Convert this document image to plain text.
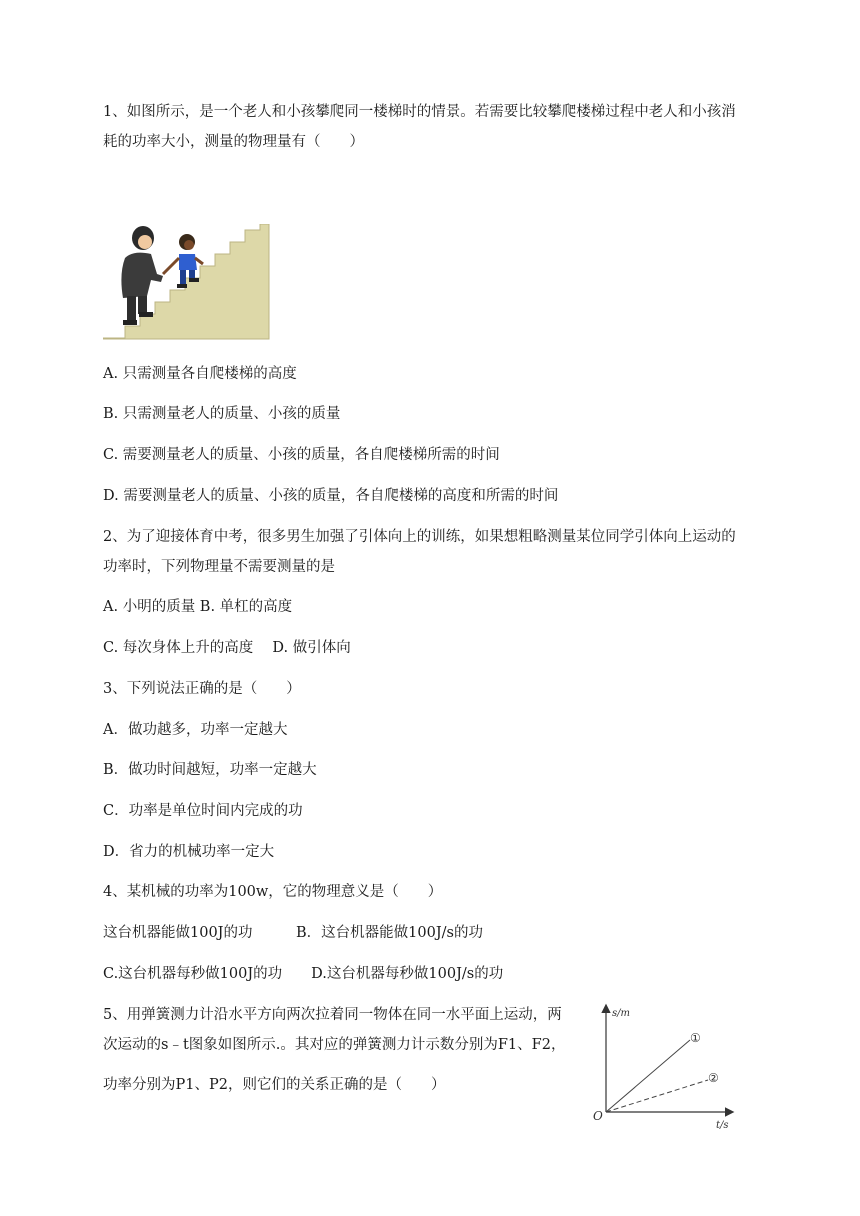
1、如图所示，是一个老人和小孩攀爬同一楼梯时的情景。若需要比较攀爬楼梯过程中老人和小孩消
耗的功率大小，测量的物理量有（　　）
A. 只需测量各自爬楼梯的高度
B. 只需测量老人的质量、小孩的质量
C. 需要测量老人的质量、小孩的质量，各自爬楼梯所需的时间
D. 需要测量老人的质量、小孩的质量，各自爬楼梯的高度和所需的时间
2、为了迎接体育中考，很多男生加强了引体向上的训练，如果想粗略测量某位同学引体向上运动的
功率时，下列物理量不需要测量的是
A. 小明的质量 B. 单杠的高度
C. 每次身体上升的高度　 D. 做引体向
3、下列说法正确的是（　　）
A．做功越多，功率一定越大
B．做功时间越短，功率一定越大
C．功率是单位时间内完成的功
D．省力的机械功率一定大
4、某机械的功率为100w，它的物理意义是（　　）
这台机器能做100J的功　　　B．这台机器能做100J/s的功
C.这台机器每秒做100J的功　　D.这台机器每秒做100J/s的功
5、用弹簧测力计沿水平方向两次拉着同一物体在同一水平面上运动，两
次运动的s﹣t图象如图所示.。其对应的弹簧测力计示数分别为F1、F2，
功率分别为P1、P2，则它们的关系正确的是（　　）
s/m
t/s
O
①
②
